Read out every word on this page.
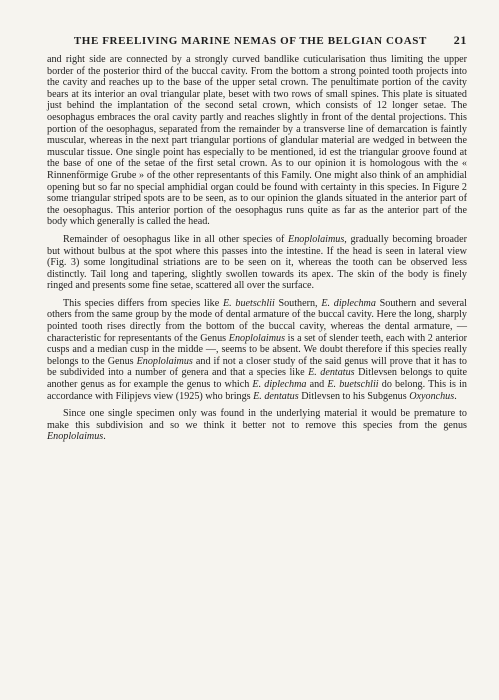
THE FREELIVING MARINE NEMAS OF THE BELGIAN COAST	21

and right side are connected by a strongly curved bandlike cuticularisation thus limiting the upper border of the posterior third of the buccal cavity. From the bottom a strong pointed tooth projects into the cavity and reaches up to the base of the upper setal crown. The penultimate portion of the cavity bears at its interior an oval triangular plate, beset with two rows of small spines. This plate is situated just behind the implantation of the second setal crown, which consists of 12 longer setae. The oesophagus embraces the oral cavity partly and reaches slightly in front of the dental projections. This portion of the oesophagus, separated from the remainder by a transverse line of demarcation is faintly muscular, whereas in the next part triangular portions of glandular material are wedged in between the muscular tissue. One single point has especially to be mentioned, id est the triangular groove found at the base of one of the setae of the first setal crown. As to our opinion it is homologous with the « Rinnenförmige Grube » of the other representants of this Family. One might also think of an amphidial opening but so far no special amphidial organ could be found with certainty in this species. In Figure 2 some triangular striped spots are to be seen, as to our opinion the glands situated in the anterior part of the oesophagus. This anterior portion of the oesophagus runs quite as far as the anterior part of the body which generally is called the head.

Remainder of oesophagus like in all other species of Enoplolaimus, gradually becoming broader but without bulbus at the spot where this passes into the intestine. If the head is seen in lateral view (Fig. 3) some longitudinal striations are to be seen on it, whereas the tooth can be observed less distinctly. Tail long and tapering, slightly swollen towards its apex. The skin of the body is finely ringed and presents some fine setae, scattered all over the surface.

This species differs from species like E. buetschlii Southern, E. diplechma Southern and several others from the same group by the mode of dental armature of the buccal cavity. Here the long, sharply pointed tooth rises directly from the bottom of the buccal cavity, whereas the dental armature, — characteristic for representants of the Genus Enoplolaimus is a set of slender teeth, each with 2 anterior cusps and a median cusp in the midde —, seems to be absent. We doubt therefore if this species really belongs to the Genus Enoplolaimus and if not a closer study of the said genus will prove that it has to be subdivided into a number of genera and that a species like E. dentatus Ditlevsen belongs to quite another genus as for example the genus to which E. diplechma and E. buetschlii do belong. This is in accordance with Filipjevs view (1925) who brings E. dentatus Ditlevsen to his Subgenus Oxyonchus.

Since one single specimen only was found in the underlying material it would be premature to make this subdivision and so we think it better not to remove this species from the genus Enoplolaimus.
